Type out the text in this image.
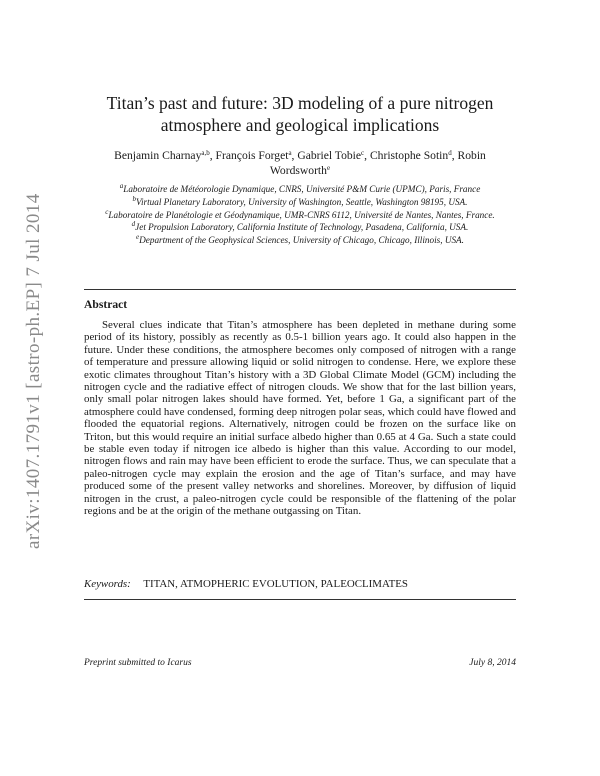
arXiv:1407.1791v1 [astro-ph.EP] 7 Jul 2014
Titan’s past and future: 3D modeling of a pure nitrogen atmosphere and geological implications
Benjamin Charnay$^{a,b}$, François Forget$^a$, Gabriel Tobie$^c$, Christophe Sotin$^d$, Robin Wordsworth$^e$
$^a$Laboratoire de Météorologie Dynamique, CNRS, Université P&M Curie (UPMC), Paris, France
$^b$Virtual Planetary Laboratory, University of Washington, Seattle, Washington 98195, USA.
$^c$Laboratoire de Planétologie et Géodynamique, UMR-CNRS 6112, Université de Nantes, Nantes, France.
$^d$Jet Propulsion Laboratory, California Institute of Technology, Pasadena, California, USA.
$^e$Department of the Geophysical Sciences, University of Chicago, Chicago, Illinois, USA.
Abstract
Several clues indicate that Titan’s atmosphere has been depleted in methane during some period of its history, possibly as recently as 0.5-1 billion years ago. It could also happen in the future. Under these conditions, the atmosphere becomes only composed of nitrogen with a range of temperature and pressure allowing liquid or solid nitrogen to condense. Here, we explore these exotic climates throughout Titan’s history with a 3D Global Climate Model (GCM) including the nitrogen cycle and the radiative effect of nitrogen clouds. We show that for the last billion years, only small polar nitrogen lakes should have formed. Yet, before 1 Ga, a significant part of the atmosphere could have condensed, forming deep nitrogen polar seas, which could have flowed and flooded the equatorial regions. Alternatively, nitrogen could be frozen on the surface like on Triton, but this would require an initial surface albedo higher than 0.65 at 4 Ga. Such a state could be stable even today if nitrogen ice albedo is higher than this value. According to our model, nitrogen flows and rain may have been efficient to erode the surface. Thus, we can speculate that a paleo-nitrogen cycle may explain the erosion and the age of Titan’s surface, and may have produced some of the present valley networks and shorelines. Moreover, by diffusion of liquid nitrogen in the crust, a paleo-nitrogen cycle could be responsible of the flattening of the polar regions and be at the origin of the methane outgassing on Titan.
Keywords: TITAN, ATMOPHERIC EVOLUTION, PALEOCLIMATES
Preprint submitted to Icarus	July 8, 2014
